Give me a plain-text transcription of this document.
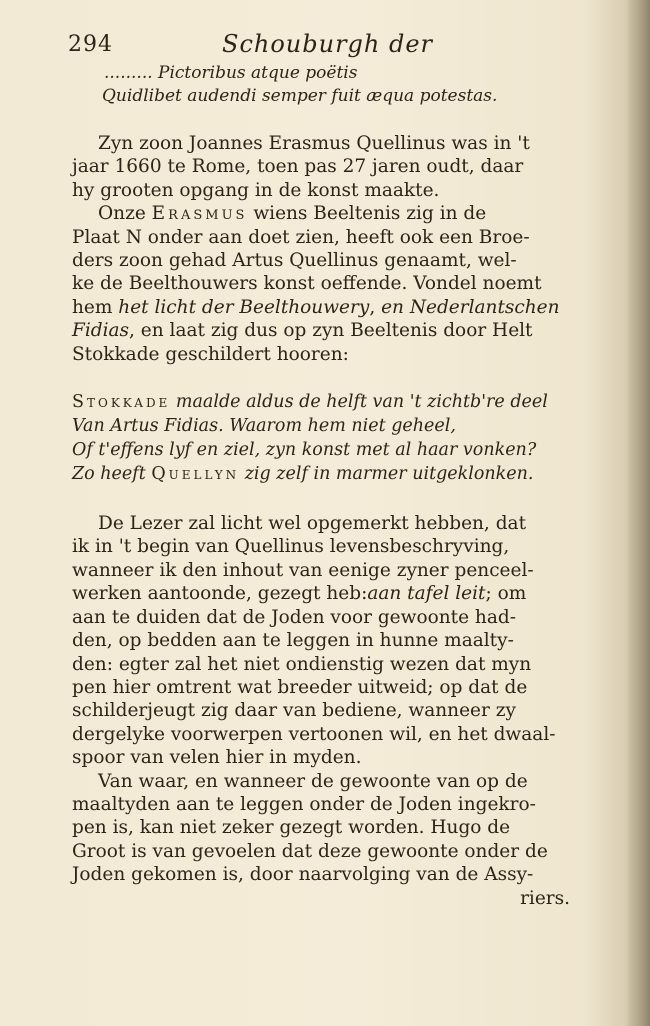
294	Schouburgh der
......... Pictoribus atque poëtis
Quidlibet audendi semper fuit æqua potestas.

Zyn zoon Joannes Erasmus Quellinus was in 't
jaar 1660 te Rome, toen pas 27 jaren oudt, daar
hy grooten opgang in de konst maakte.

Onze Erasmus wiens Beeltenis zig in de
Plaat N onder aan doet zien, heeft ook een Broe-
ders zoon gehad Artus Quellinus genaamt, wel-
ke de Beelthouwers konst oeffende. Vondel noemt
hem het licht der Beelthouwery, en Nederlantschen
Fidias, en laat zig dus op zyn Beeltenis door Helt
Stokkade geschildert hooren:

Stokkade maalde aldus de helft van 't zichtb're deel
Van Artus Fidias. Waarom hem niet geheel,
Of t'effens lyf en ziel, zyn konst met al haar vonken?
Zo heeft Quellyn zig zelf in marmer uitgeklonken.

De Lezer zal licht wel opgemerkt hebben, dat
ik in 't begin van Quellinus levensbeschryving,
wanneer ik den inhout van eenige zyner penceel-
werken aantoonde, gezegt heb:aan tafel leit; om
aan te duiden dat de Joden voor gewoonte had-
den, op bedden aan te leggen in hunne maalty-
den: egter zal het niet ondienstig wezen dat myn
pen hier omtrent wat breeder uitweid; op dat de
schilderjeugt zig daar van bediene, wanneer zy
dergelyke voorwerpen vertoonen wil, en het dwaal-
spoor van velen hier in myden.

Van waar, en wanneer de gewoonte van op de
maaltyden aan te leggen onder de Joden ingekro-
pen is, kan niet zeker gezegt worden. Hugo de
Groot is van gevoelen dat deze gewoonte onder de
Joden gekomen is, door naarvolging van de Assy-
riers.
